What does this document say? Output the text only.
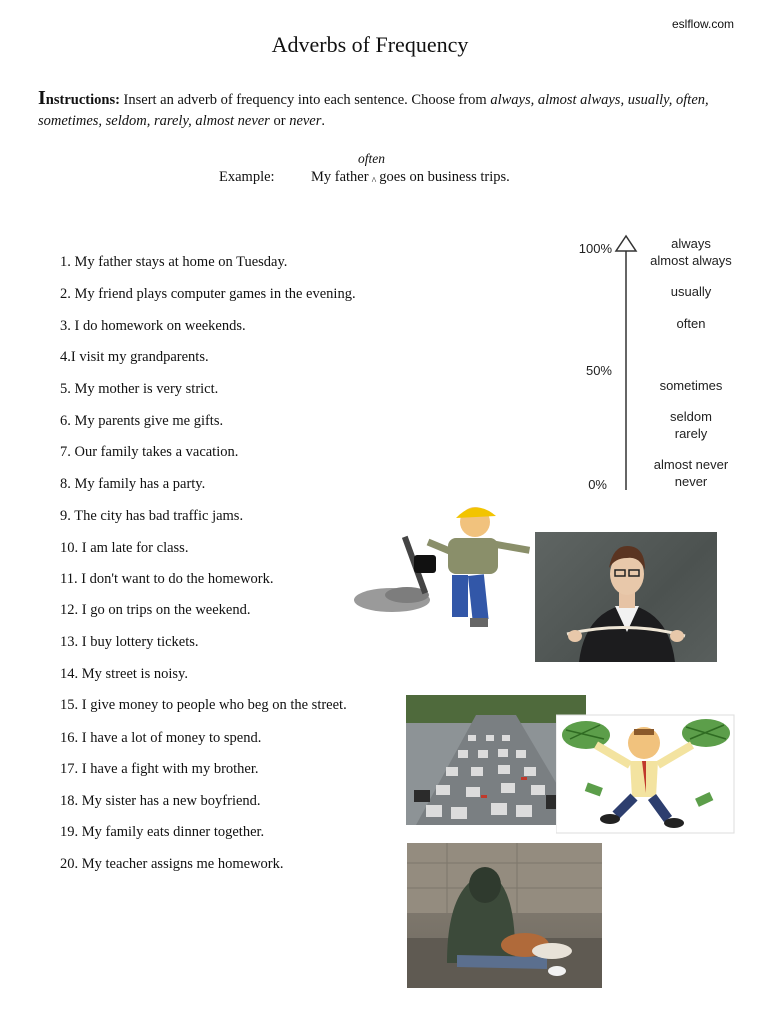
eslflow.com
Adverbs of Frequency
Instructions: Insert an adverb of frequency into each sentence. Choose from always, almost always, usually, often, sometimes, seldom, rarely, almost never or never.
often
Example:	My father $_{\^{}}$ goes on business trips.
1. My father stays at home on Tuesday.
2. My friend plays computer games in the evening.
3. I do homework on weekends.
4.I visit my grandparents.
5. My mother is very strict.
6. My parents give me gifts.
7. Our family takes a vacation.
8. My family has a party.
9. The city has bad traffic jams.
10. I am late for class.
11. I don't want to do the homework.
12. I go on trips on the weekend.
13. I buy lottery tickets.
14. My street is noisy.
15. I give money to people who beg on the street.
16. I have a lot of money to spend.
17. I have a fight with my brother.
18. My sister has a new boyfriend.
19. My family eats dinner together.
20. My teacher assigns me homework.
100%
50%
0%
always
almost always
usually
often
sometimes
seldom
rarely
almost never
never
